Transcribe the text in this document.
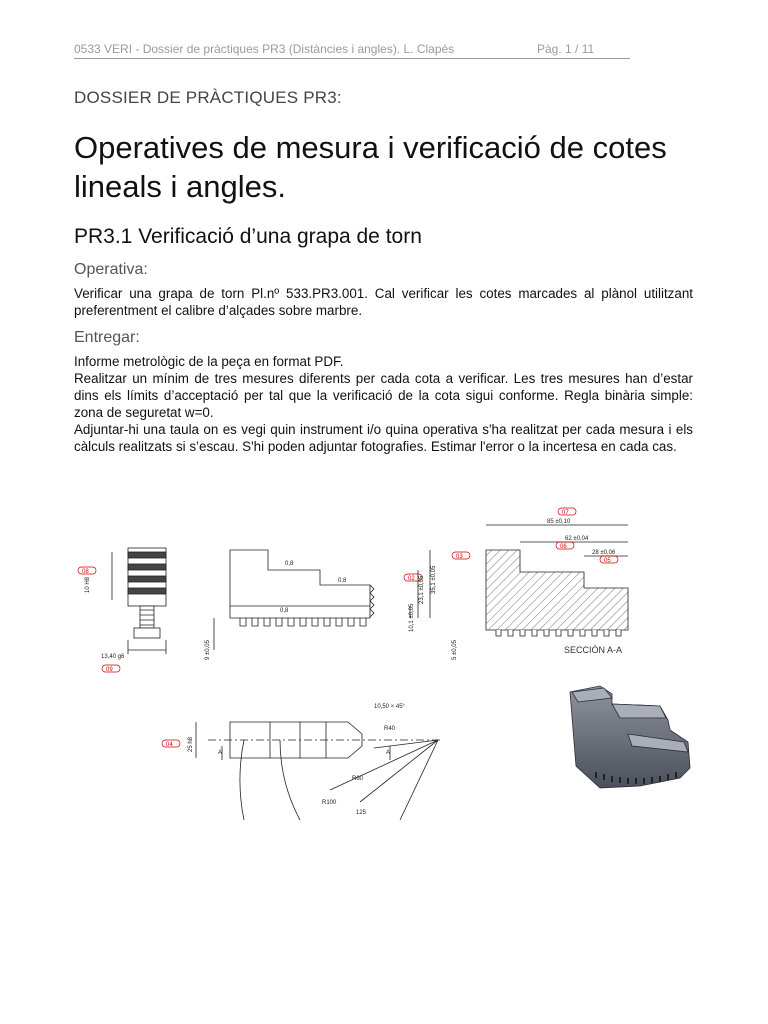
0533 VERI - Dossier de pràctiques PR3 (Distàncies i angles). L. Clapés	Pàg. 1 / 11
DOSSIER DE PRÀCTIQUES PR3:
Operatives de mesura i verificació de cotes lineals i angles.
PR3.1 Verificació d’una grapa de torn
Operativa:

Verificar una grapa de torn Pl.nº 533.PR3.001. Cal verificar les cotes marcades al plànol utilitzant preferentment el calibre d’alçades sobre marbre.

Entregar:

Informe metrològic de la peça en format PDF.

Realitzar un mínim de tres mesures diferents per cada cota a verificar. Les tres mesures han d’estar dins els límits d’acceptació per tal que la verificació de la cota sigui conforme. Regla binària simple: zona de seguretat w=0.

Adjuntar-hi una taula on es vegi quin instrument i/o quina operativa s'ha realitzat per cada mesura i els càlculs realitzats si s’escau. S'hi poden adjuntar fotografies. Estimar l'error o la incertesa en cada cas.

10 H8
13,40 g6
08
09
35,1 ±0,05
23,1 ±0,05
10,1 ±0,05
9 ±0,05	5 ±0,05
0,8
0,8
0,8
02
03
85 ±0,10
62 ±0,04
28 ±0,06
07
06
05
SECCIÓN A-A
25 h8
10,50 × 45°
R40
R60
R100
125
A	A
04
